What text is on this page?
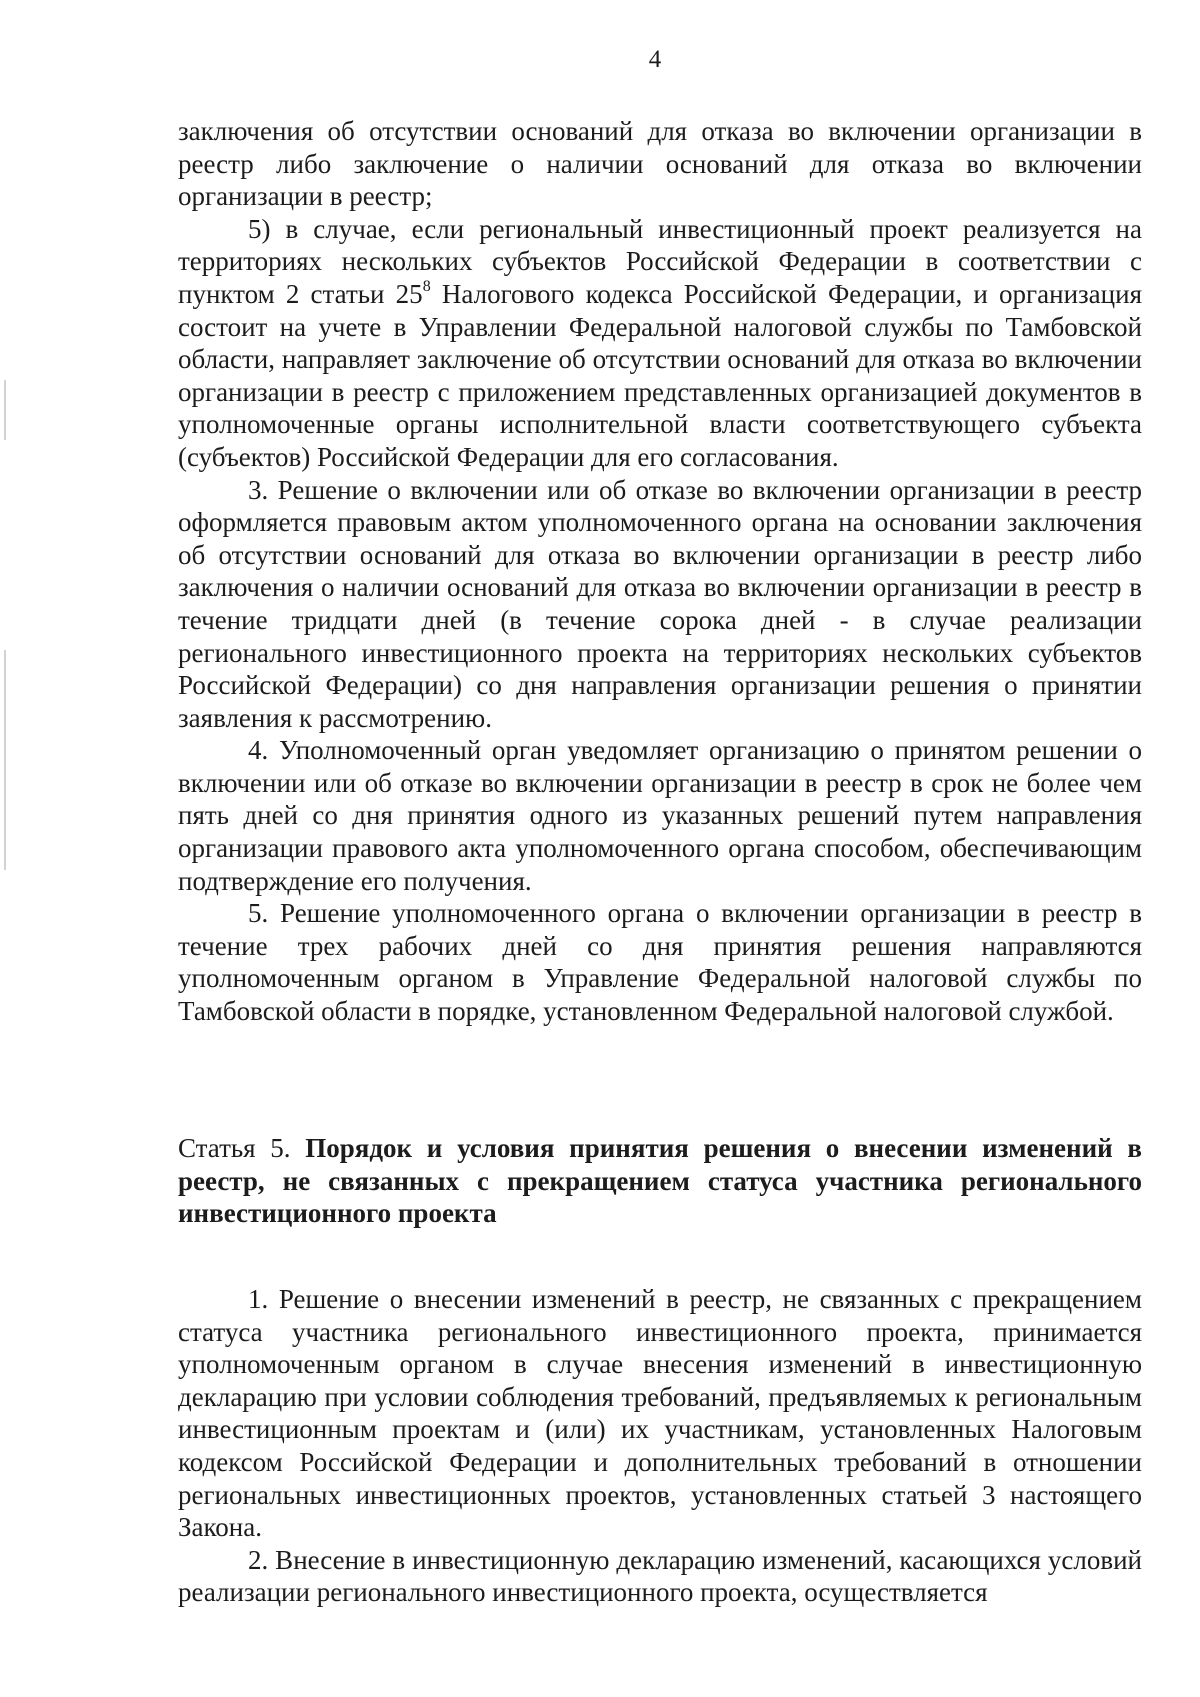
4

заключения об отсутствии оснований для отказа во включении организации в реестр либо заключение о наличии оснований для отказа во включении организации в реестр;

5) в случае, если региональный инвестиционный проект реализуется на территориях нескольких субъектов Российской Федерации в соответствии с пунктом 2 статьи $25^8$ Налогового кодекса Российской Федерации, и организация состоит на учете в Управлении Федеральной налоговой службы по Тамбовской области, направляет заключение об отсутствии оснований для отказа во включении организации в реестр с приложением представленных организацией документов в уполномоченные органы исполнительной власти соответствующего субъекта (субъектов) Российской Федерации для его согласования.

3. Решение о включении или об отказе во включении организации в реестр оформляется правовым актом уполномоченного органа на основании заключения об отсутствии оснований для отказа во включении организации в реестр либо заключения о наличии оснований для отказа во включении организации в реестр в течение тридцати дней (в течение сорока дней - в случае реализации регионального инвестиционного проекта на территориях нескольких субъектов Российской Федерации) со дня направления организации решения о принятии заявления к рассмотрению.

4. Уполномоченный орган уведомляет организацию о принятом решении о включении или об отказе во включении организации в реестр в срок не более чем пять дней со дня принятия одного из указанных решений путем направления организации правового акта уполномоченного органа способом, обеспечивающим подтверждение его получения.

5. Решение уполномоченного органа о включении организации в реестр в течение трех рабочих дней со дня принятия решения направляются уполномоченным органом в Управление Федеральной налоговой службы по Тамбовской области в порядке, установленном Федеральной налоговой службой.

Статья 5. Порядок и условия принятия решения о внесении изменений в реестр, не связанных с прекращением статуса участника регионального инвестиционного проекта

1. Решение о внесении изменений в реестр, не связанных с прекращением статуса участника регионального инвестиционного проекта, принимается уполномоченным органом в случае внесения изменений в инвестиционную декларацию при условии соблюдения требований, предъявляемых к региональным инвестиционным проектам и (или) их участникам, установленных Налоговым кодексом Российской Федерации и дополнительных требований в отношении региональных инвестиционных проектов, установленных статьей 3 настоящего Закона.

2. Внесение в инвестиционную декларацию изменений, касающихся условий реализации регионального инвестиционного проекта, осуществляется
